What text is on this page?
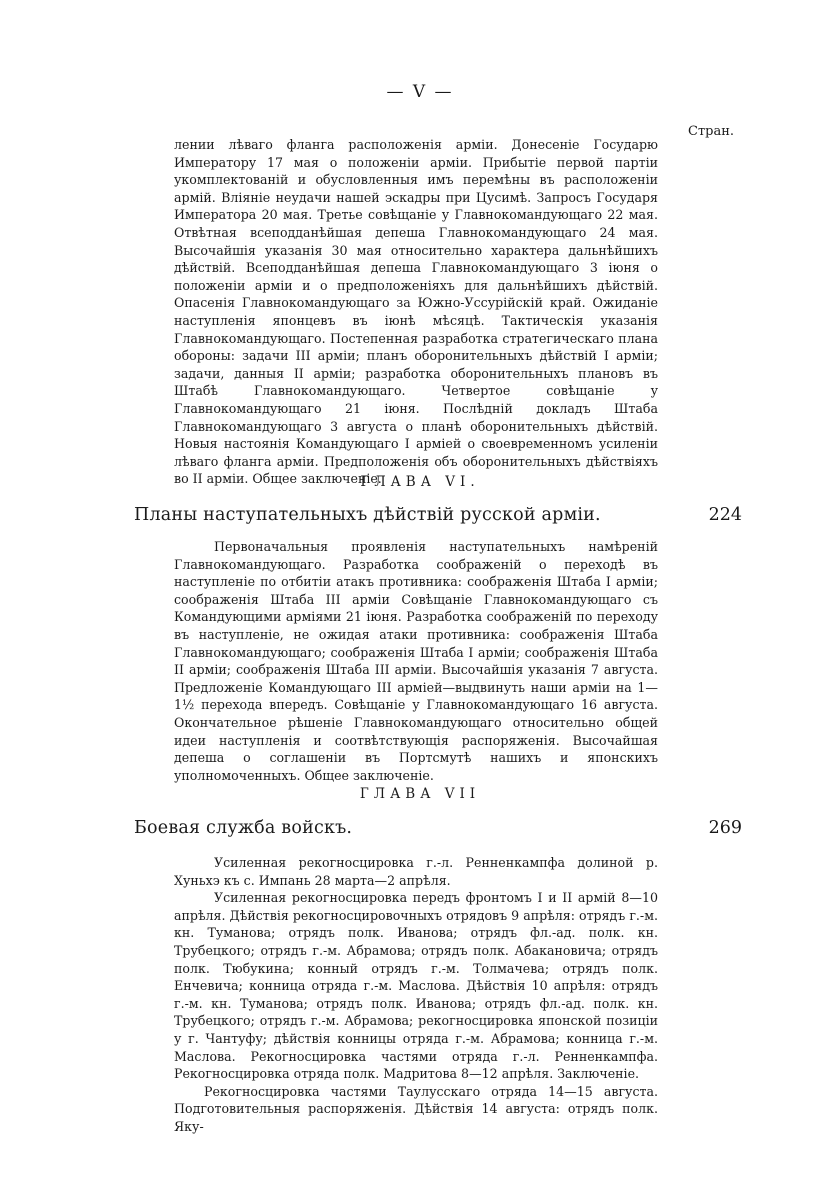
— V —
Стран.

лении лѣваго фланга расположенія арміи. Донесеніе Государю Императору 17 мая о положеніи арміи. Прибытіе первой партіи укомплектованій и обусловленныя имъ перемѣны въ расположеніи армій. Вліяніе неудачи нашей эскадры при Цусимѣ. Запросъ Государя Императора 20 мая. Третье совѣщаніе у Главнокомандующаго 22 мая. Отвѣтная всеподданѣйшая депеша Главнокомандующаго 24 мая. Высочайшія указанія 30 мая относительно характера дальнѣйшихъ дѣйствій. Всеподданѣйшая депеша Главнокомандующаго 3 іюня о положеніи арміи и о предположеніяхъ для дальнѣйшихъ дѣйствій. Опасенія Главнокомандующаго за Южно-Уссурійскій край. Ожиданіе наступленія японцевъ въ іюнѣ мѣсяцѣ. Тактическія указанія Главнокомандующаго. Постепенная разработка стратегическаго плана обороны: задачи III арміи; планъ оборонительныхъ дѣйствій I арміи; задачи, данныя II арміи; разработка оборонительныхъ плановъ въ Штабѣ Главнокомандующаго. Четвертое совѣщаніе у Главнокомандующаго 21 іюня. Послѣдній докладъ Штаба Главнокомандующаго 3 августа о планѣ оборонительныхъ дѣйствій. Новыя настоянія Командующаго I арміей о своевременномъ усиленіи лѣваго фланга арміи. Предположенія объ оборонительныхъ дѣйствіяхъ во II арміи. Общее заключеніе.

ГЛАВА VI.
Планы наступательныхъ дѣйствій русской арміи.	224

Первоначальныя проявленія наступательныхъ намѣреній Главнокомандующаго. Разработка соображеній о переходѣ въ наступленіе по отбитіи атакъ противника: соображенія Штаба I арміи; соображенія Штаба III арміи Совѣщаніе Главнокомандующаго съ Командующими арміями 21 іюня. Разработка соображеній по переходу въ наступленіе, не ожидая атаки противника: соображенія Штаба Главнокомандующаго; соображенія Штаба I арміи; соображенія Штаба II арміи; соображенія Штаба III арміи. Высочайшія указанія 7 августа. Предложеніе Командующаго III арміей—выдвинуть наши арміи на 1—1½ перехода впередъ. Совѣщаніе у Главнокомандующаго 16 августа. Окончательное рѣшеніе Главнокомандующаго относительно общей идеи наступленія и соотвѣтствующія распоряженія. Высочайшая депеша о соглашеніи въ Портсмутѣ нашихъ и японскихъ уполномоченныхъ. Общее заключеніе.

ГЛАВА VII
Боевая служба войскъ.	269

Усиленная рекогносцировка г.-л. Ренненкампфа долиной р. Хуньхэ къ с. Импань 28 марта—2 апрѣля.

Усиленная рекогносцировка передъ фронтомъ I и II армій 8—10 апрѣля. Дѣйствія рекогносцировочныхъ отрядовъ 9 апрѣля: отрядъ г.-м. кн. Туманова; отрядъ полк. Иванова; отрядъ фл.-ад. полк. кн. Трубецкого; отрядъ г.-м. Абрамова; отрядъ полк. Абакановича; отрядъ полк. Тюбукина; конный отрядъ г.-м. Толмачева; отрядъ полк. Енчевича; конница отряда г.-м. Маслова. Дѣйствія 10 апрѣля: отрядъ г.-м. кн. Туманова; отрядъ полк. Иванова; отрядъ фл.-ад. полк. кн. Трубецкого; отрядъ г.-м. Абрамова; рекогносцировка японской позиціи у г. Чантуфу; дѣйствія конницы отряда г.-м. Абрамова; конница г.-м. Маслова. Рекогносцировка частями отряда г.-л. Ренненкампфа. Рекогносцировка отряда полк. Мадритова 8—12 апрѣля. Заключеніе.

Рекогносцировка частями Таулусскаго отряда 14—15 августа. Подготовительныя распоряженія. Дѣйствія 14 августа: отрядъ полк. Яку-
